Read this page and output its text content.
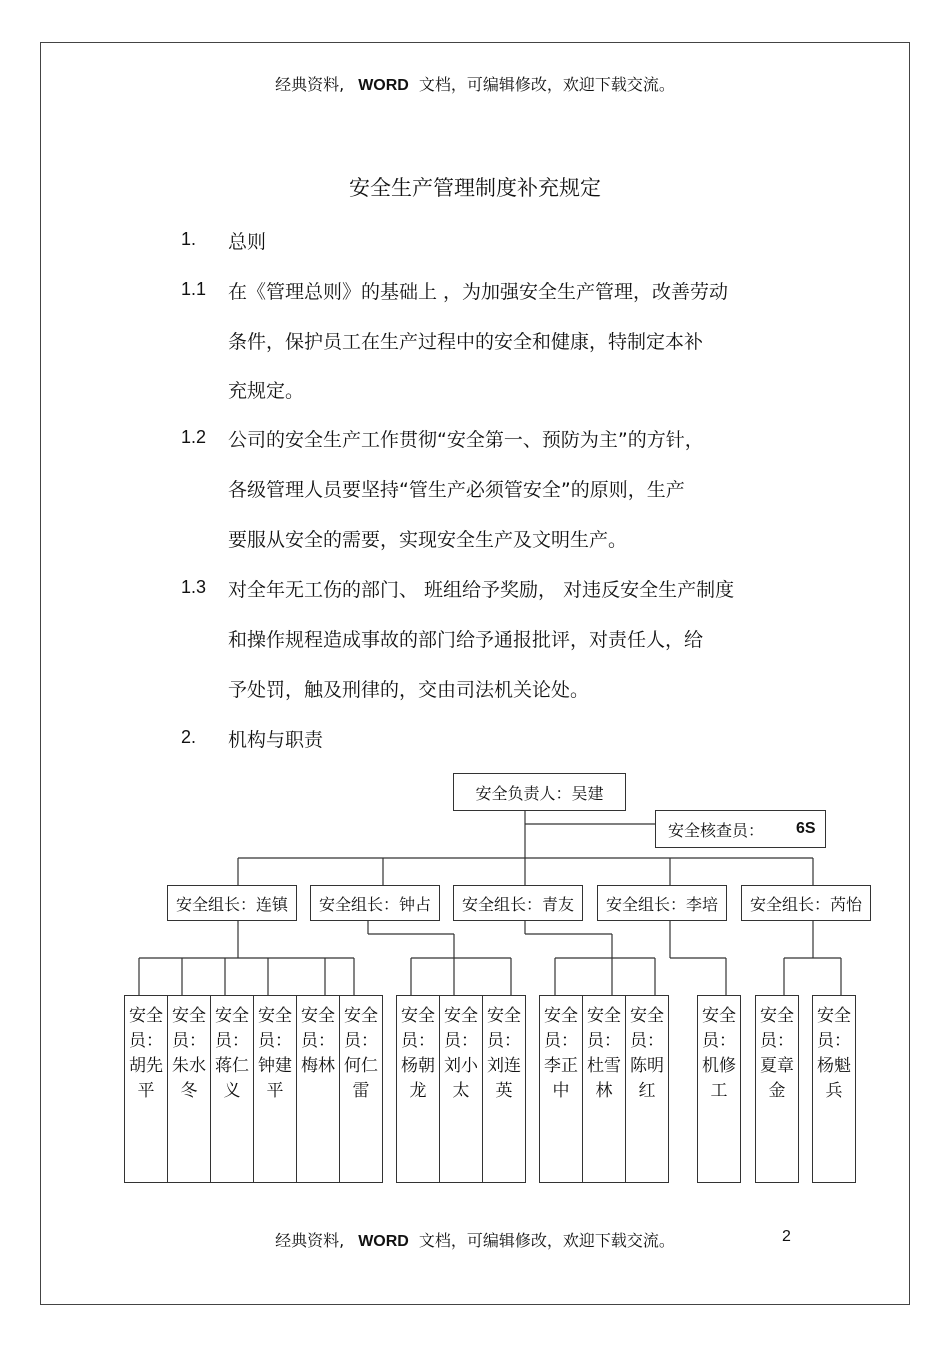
经典资料, WORD 文档，可编辑修改，欢迎下载交流。
安全生产管理制度补充规定
1. 总则
1.1 在《管理总则》的基础上 ，为加强安全生产管理，改善劳动
条件，保护员工在生产过程中的安全和健康，特制定本补
充规定。
1.2 公司的安全生产工作贯彻“安全第一、预防为主”的方针，
各级管理人员要坚持“管生产必须管安全”的原则，生产
要服从安全的需要，实现安全生产及文明生产。
1.3 对全年无工伤的部门、 班组给予奖励， 对违反安全生产制度
和操作规程造成事故的部门给予通报批评，对责任人，给
予处罚，触及刑律的，交由司法机关论处。
2. 机构与职责
安全负责人：吴建
安全核查员： 6S
安全组长：连镇	安全组长：钟占	安全组长：青友	安全组长：李培	安全组长：芮怡
安全员：胡先平
安全员：朱水冬
安全员：蒋仁义
安全员：钟建平
安全员：梅林
安全员：何仁雷
安全员：杨朝龙
安全员：刘小太
安全员：刘连英
安全员：李正中
安全员：杜雪林
安全员：陈明红
安全员：机修工
安全员：夏章金
安全员：杨魁兵
经典资料, WORD 文档，可编辑修改，欢迎下载交流。	2
